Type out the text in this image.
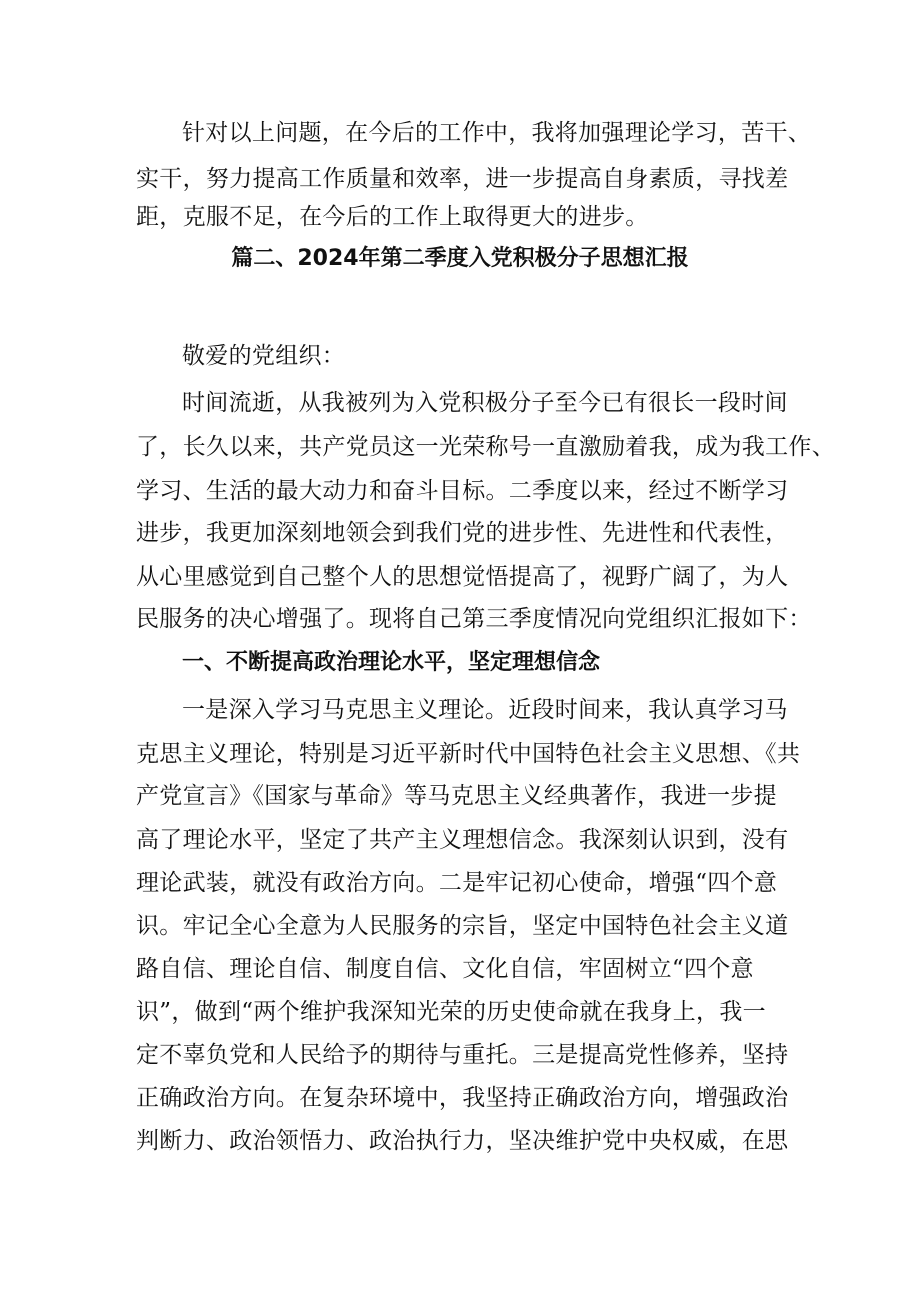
针对以上问题，在今后的工作中，我将加强理论学习，苦干、
实干，努力提高工作质量和效率，进一步提高自身素质，寻找差
距，克服不足，在今后的工作上取得更大的进步。
篇二、2024年第二季度入党积极分子思想汇报
敬爱的党组织：
时间流逝，从我被列为入党积极分子至今已有很长一段时间
了，长久以来，共产党员这一光荣称号一直激励着我，成为我工作、
学习、生活的最大动力和奋斗目标。二季度以来，经过不断学习
进步，我更加深刻地领会到我们党的进步性、先进性和代表性，
从心里感觉到自己整个人的思想觉悟提高了，视野广阔了，为人
民服务的决心增强了。现将自己第三季度情况向党组织汇报如下：
一、不断提高政治理论水平，坚定理想信念
一是深入学习马克思主义理论。近段时间来，我认真学习马
克思主义理论，特别是习近平新时代中国特色社会主义思想、《共
产党宣言》《国家与革命》等马克思主义经典著作，我进一步提
高了理论水平，坚定了共产主义理想信念。我深刻认识到，没有
理论武装，就没有政治方向。二是牢记初心使命，增强“四个意
识。牢记全心全意为人民服务的宗旨，坚定中国特色社会主义道
路自信、理论自信、制度自信、文化自信，牢固树立“四个意
识”，做到“两个维护我深知光荣的历史使命就在我身上，我一
定不辜负党和人民给予的期待与重托。三是提高党性修养，坚持
正确政治方向。在复杂环境中，我坚持正确政治方向，增强政治
判断力、政治领悟力、政治执行力，坚决维护党中央权威，在思
